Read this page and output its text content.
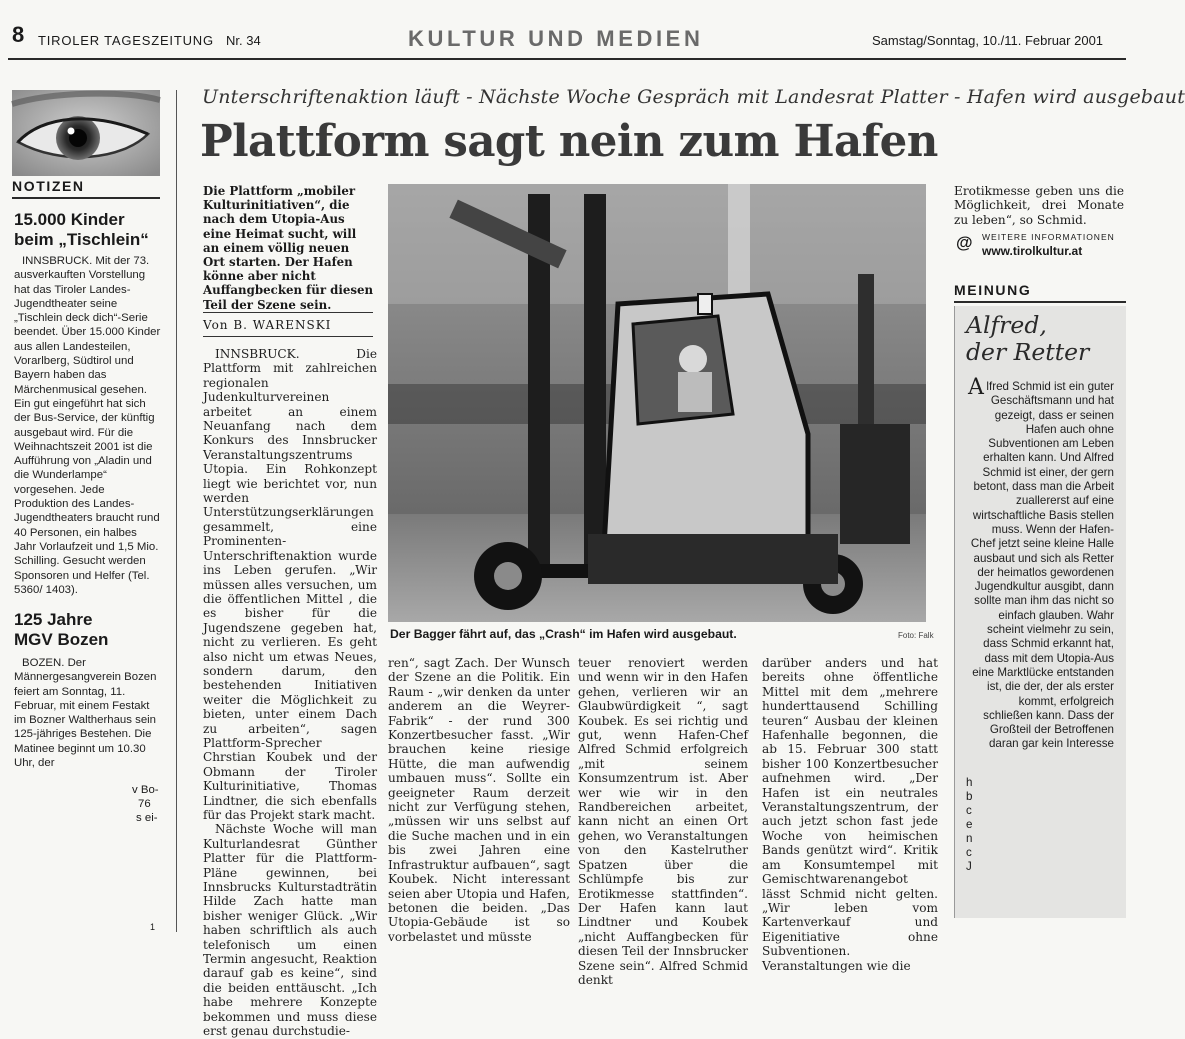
8 TIROLER TAGESZEITUNG Nr. 34	KULTUR UND MEDIEN	Samstag/Sonntag, 10./11. Februar 2001
NOTIZEN
15.000 Kinder
beim „Tischlein“
INNSBRUCK. Mit der 73. ausverkauften Vorstellung hat das Tiroler Landes-Jugendtheater seine „Tischlein deck dich“-Serie beendet. Über 15.000 Kinder aus allen Landesteilen, Vorarlberg, Südtirol und Bayern haben das Märchenmusical gesehen. Ein gut eingeführt hat sich der Bus-Service, der künftig ausgebaut wird. Für die Weihnachtszeit 2001 ist die Aufführung von „Aladin und die Wunderlampe“ vorgesehen. Jede Produktion des Landes-Jugendtheaters braucht rund 40 Personen, ein halbes Jahr Vorlaufzeit und 1,5 Mio. Schilling. Gesucht werden Sponsoren und Helfer (Tel. 5360/ 1403).
125 Jahre
MGV Bozen
BOZEN. Der Männergesangverein Bozen feiert am Sonntag, 11. Februar, mit einem Festakt im Bozner Waltherhaus sein 125-jähriges Bestehen. Die Matinee beginnt um 10.30 Uhr, der
v Bo-
76
s ei-
1
Unterschriftenaktion läuft - Nächste Woche Gespräch mit Landesrat Platter - Hafen wird ausgebaut
Plattform sagt nein zum Hafen
Die Plattform „mobiler Kulturinitiativen“, die nach dem Utopia-Aus eine Heimat sucht, will an einem völlig neuen Ort starten. Der Hafen könne aber nicht Auffangbecken für diesen Teil der Szene sein.
Von B. WARENSKI

INNSBRUCK. Die Plattform mit zahlreichen regionalen Judenkulturvereinen arbeitet an einem Neuanfang nach dem Konkurs des Innsbrucker Veranstaltungszentrums Utopia. Ein Rohkonzept liegt wie berichtet vor, nun werden Unterstützungserklärungen gesammelt, eine Prominenten-Unterschriftenaktion wurde ins Leben gerufen. „Wir müssen alles versuchen, um die öffentlichen Mittel , die es bisher für die Jugendszene gegeben hat, nicht zu verlieren. Es geht also nicht um etwas Neues, sondern darum, den bestehenden Initiativen weiter die Möglichkeit zu bieten, unter einem Dach zu arbeiten“, sagen Plattform-Sprecher Chrstian Koubek und der Obmann der Tiroler Kulturinitiative, Thomas Lindtner, die sich ebenfalls für das Projekt stark macht.

Nächste Woche will man Kulturlandesrat Günther Platter für die Plattform-Pläne gewinnen, bei Innsbrucks Kulturstadträtin Hilde Zach hatte man bisher weniger Glück. „Wir haben schriftlich als auch telefonisch um einen Termin angesucht, Reaktion darauf gab es keine“, sind die beiden enttäuscht. „Ich habe mehrere Konzepte bekommen und muss diese erst genau durchstudie-

ren“, sagt Zach. Der Wunsch der Szene an die Politik. Ein Raum - „wir denken da unter anderem an die Weyrer-Fabrik“ - der rund 300 Konzertbesucher fasst. „Wir brauchen keine riesige Hütte, die man aufwendig umbauen muss“. Sollte ein geeigneter Raum derzeit nicht zur Verfügung stehen, „müssen wir uns selbst auf die Suche machen und in ein bis zwei Jahren eine Infrastruktur aufbauen“, sagt Koubek. Nicht interessant seien aber Utopia und Hafen, betonen die beiden. „Das Utopia-Gebäude ist so vorbelastet und müsste
teuer renoviert werden und wenn wir in den Hafen gehen, verlieren wir an Glaubwürdigkeit “, sagt Koubek. Es sei richtig und gut, wenn Hafen-Chef Alfred Schmid erfolgreich „mit seinem Konsumzentrum ist. Aber wer wie wir in den Randbereichen arbeitet, kann nicht an einen Ort gehen, wo Veranstaltungen von den Kastelruther Spatzen über die Schlümpfe bis zur Erotikmesse stattfinden“. Der Hafen kann laut Lindtner und Koubek „nicht Auffangbecken für diesen Teil der Innsbrucker Szene sein“. Alfred Schmid denkt
darüber anders und hat bereits ohne öffentliche Mittel mit dem „mehrere hunderttausend Schilling teuren“ Ausbau der kleinen Hafenhalle begonnen, die ab 15. Februar 300 statt bisher 100 Konzertbesucher aufnehmen wird. „Der Hafen ist ein neutrales Veranstaltungszentrum, der auch jetzt schon fast jede Woche von heimischen Bands genützt wird“. Kritik am Konsumtempel mit Gemischtwarenangebot lässt Schmid nicht gelten. „Wir leben vom Kartenverkauf und Eigenitiative ohne Subventionen. Veranstaltungen wie die
Der Bagger fährt auf, das „Crash“ im Hafen wird ausgebaut.	Foto: Falk
Erotikmesse geben uns die Möglichkeit, drei Monate zu leben“, so Schmid.
@ WEITERE INFORMATIONEN
www.tirolkultur.at
MEINUNG
Alfred,
der Retter
Alfred Schmid ist ein guter Geschäftsmann und hat gezeigt, dass er seinen Hafen auch ohne Subventionen am Leben erhalten kann. Und Alfred Schmid ist einer, der gern betont, dass man die Arbeit zuallererst auf eine wirtschaftliche Basis stellen muss. Wenn der Hafen-Chef jetzt seine kleine Halle ausbaut und sich als Retter der heimatlos gewordenen Jugendkultur ausgibt, dann sollte man ihm das nicht so einfach glauben. Wahr scheint vielmehr zu sein, dass Schmid erkannt hat, dass mit dem Utopia-Aus eine Marktlücke entstanden ist, die der, der als erster kommt, erfolgreich schließen kann. Dass der Großteil der Betroffenen daran gar kein Interesse
h
b
c
e
n
c
J
